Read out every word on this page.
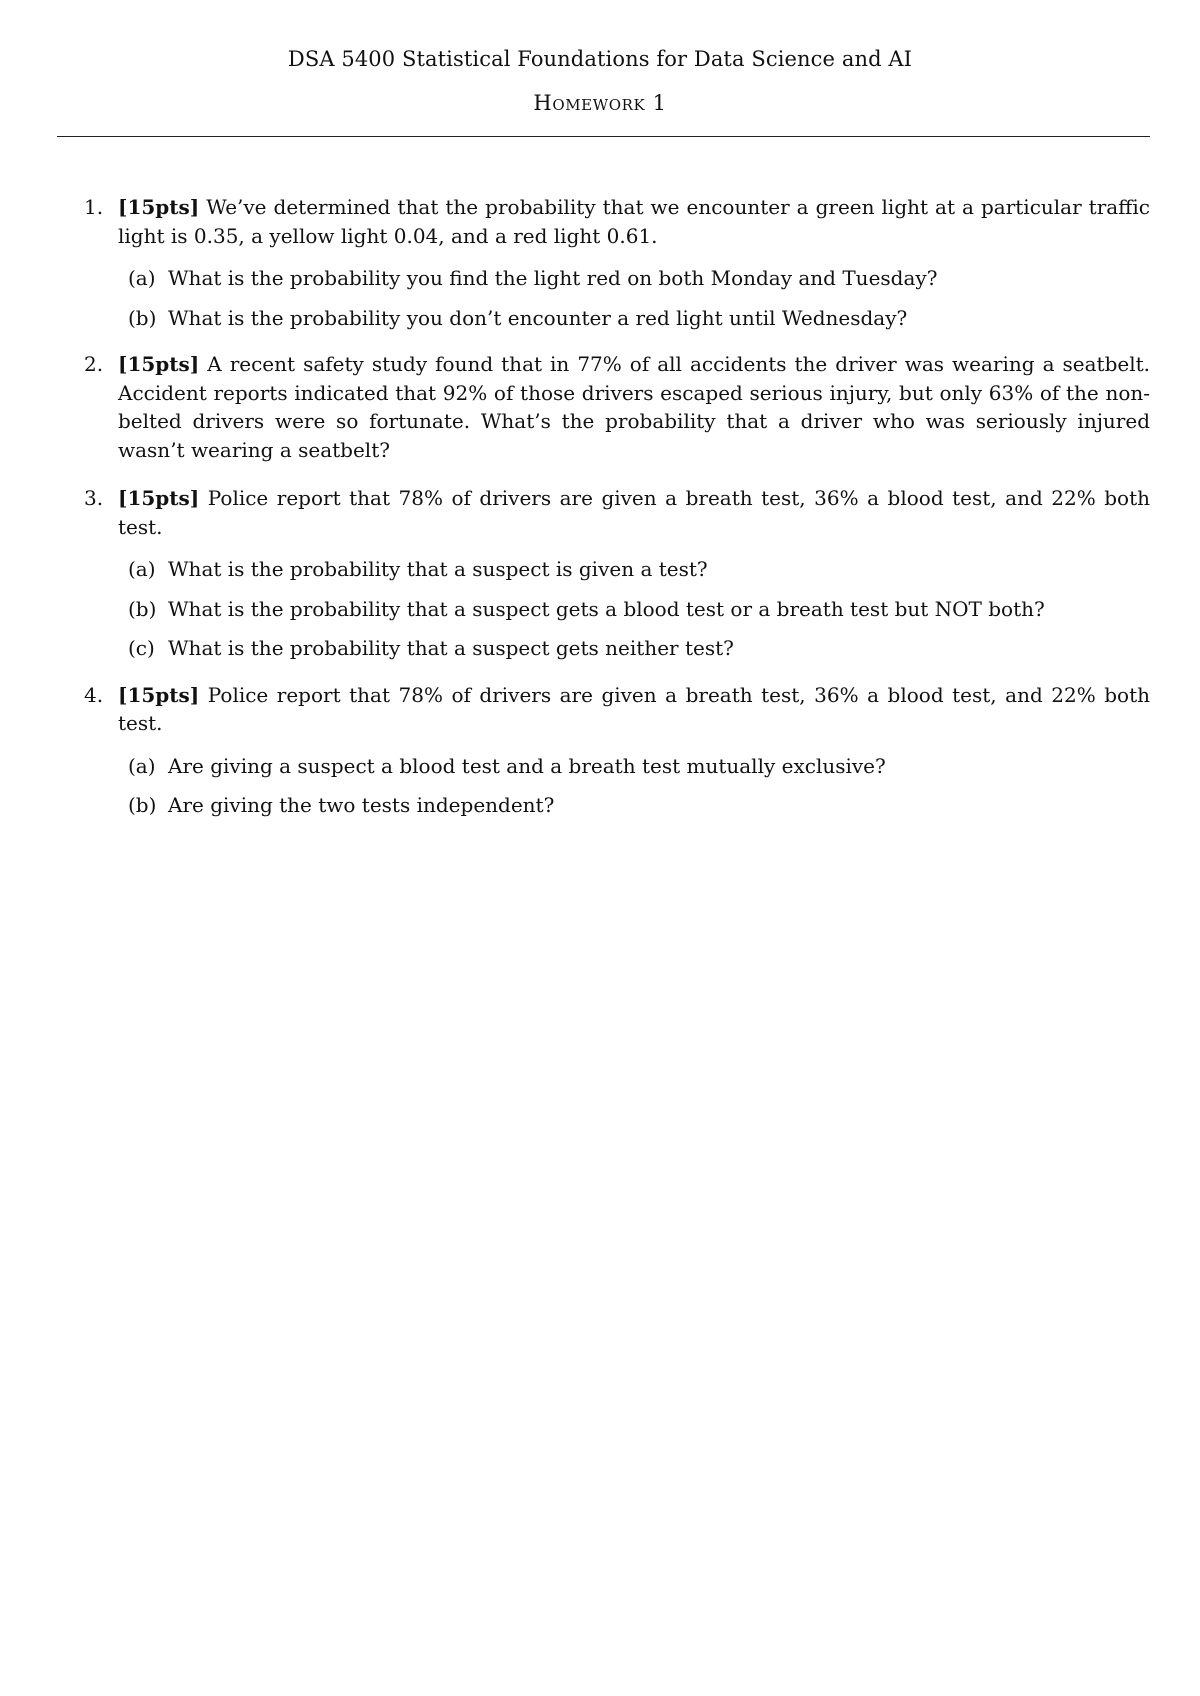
DSA 5400 Statistical Foundations for Data Science and AI
Homework 1
1. [15pts] We’ve determined that the probability that we encounter a green light at a particular traffic light is 0.35, a yellow light 0.04, and a red light 0.61.
(a) What is the probability you find the light red on both Monday and Tuesday?
(b) What is the probability you don’t encounter a red light until Wednesday?
2. [15pts] A recent safety study found that in 77% of all accidents the driver was wearing a seatbelt. Accident reports indicated that 92% of those drivers escaped serious injury, but only 63% of the non-belted drivers were so fortunate. What’s the probability that a driver who was seriously injured wasn’t wearing a seatbelt?
3. [15pts] Police report that 78% of drivers are given a breath test, 36% a blood test, and 22% both test.
(a) What is the probability that a suspect is given a test?
(b) What is the probability that a suspect gets a blood test or a breath test but NOT both?
(c) What is the probability that a suspect gets neither test?
4. [15pts] Police report that 78% of drivers are given a breath test, 36% a blood test, and 22% both test.
(a) Are giving a suspect a blood test and a breath test mutually exclusive?
(b) Are giving the two tests independent?
